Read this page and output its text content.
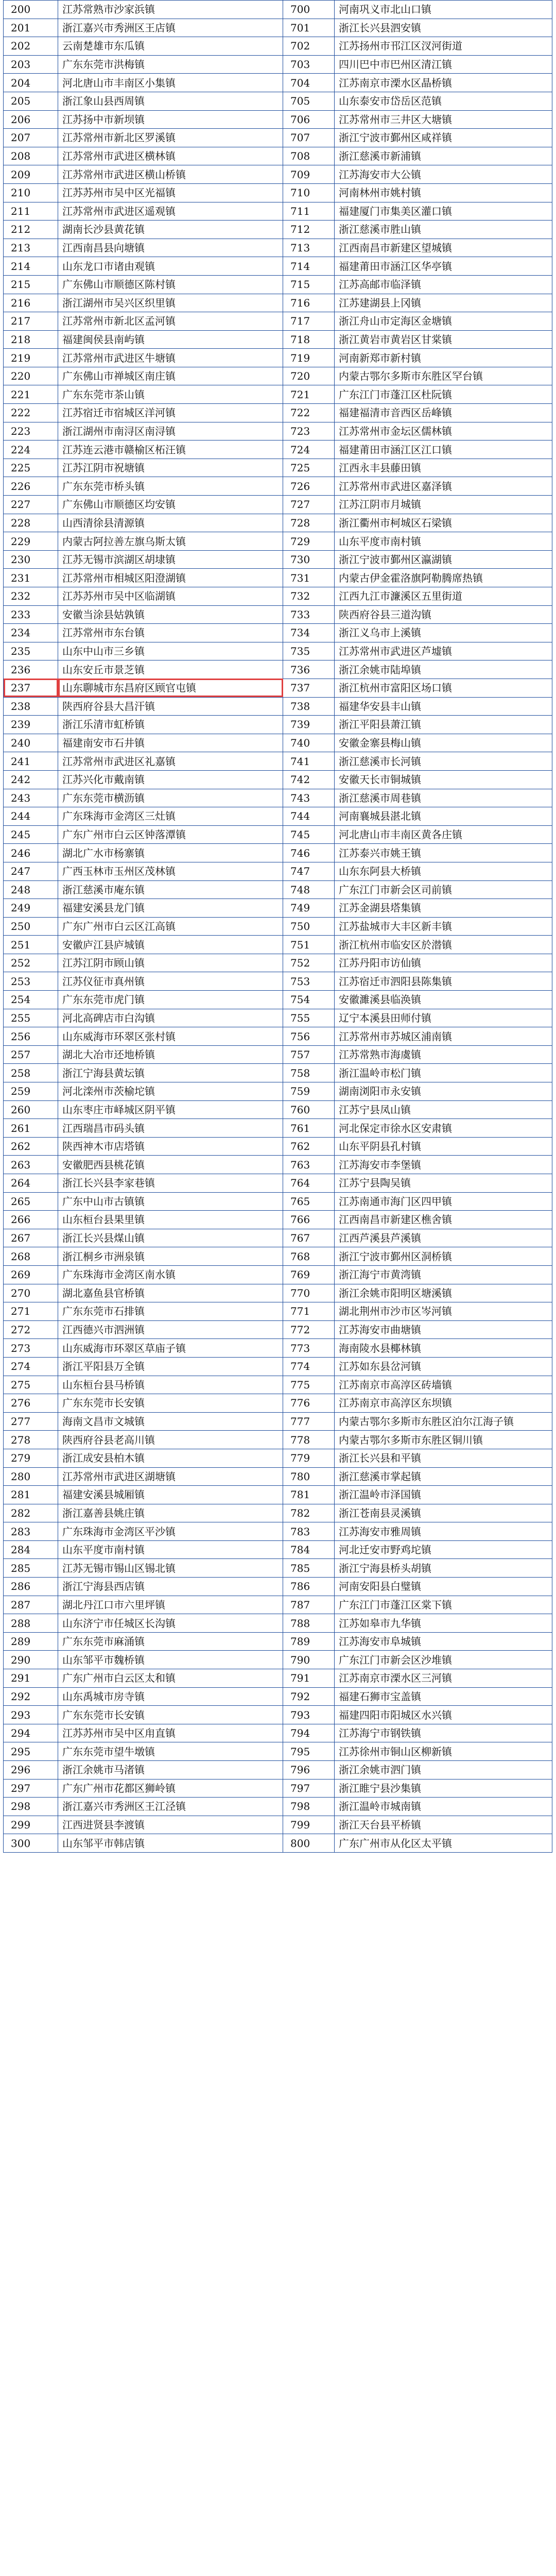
200	江苏常熟市沙家浜镇	700	河南巩义市北山口镇
201	浙江嘉兴市秀洲区王店镇	701	浙江长兴县泗安镇
202	云南楚雄市东瓜镇	702	江苏扬州市邗江区汊河街道
203	广东东莞市洪梅镇	703	四川巴中市巴州区清江镇
204	河北唐山市丰南区小集镇	704	江苏南京市溧水区晶桥镇
205	浙江象山县西周镇	705	山东泰安市岱岳区范镇
206	江苏扬中市新坝镇	706	江苏常州市三井区大塘镇
207	江苏常州市新北区罗溪镇	707	浙江宁波市鄞州区咸祥镇
208	江苏常州市武进区横林镇	708	浙江慈溪市新浦镇
209	江苏常州市武进区横山桥镇	709	江苏海安市大公镇
210	江苏苏州市吴中区光福镇	710	河南林州市姚村镇
211	江苏常州市武进区遥观镇	711	福建厦门市集美区灌口镇
212	湖南长沙县黄花镇	712	浙江慈溪市胜山镇
213	江西南昌县向塘镇	713	江西南昌市新建区望城镇
214	山东龙口市诸由观镇	714	福建莆田市涵江区华亭镇
215	广东佛山市顺德区陈村镇	715	江苏高邮市临泽镇
216	浙江湖州市吴兴区织里镇	716	江苏建湖县上冈镇
217	江苏常州市新北区孟河镇	717	浙江舟山市定海区金塘镇
218	福建闽侯县南屿镇	718	浙江黄岩市黄岩区甘棠镇
219	江苏常州市武进区牛塘镇	719	河南新郑市新村镇
220	广东佛山市禅城区南庄镇	720	内蒙古鄂尔多斯市东胜区罕台镇
221	广东东莞市茶山镇	721	广东江门市蓬江区杜阮镇
222	江苏宿迁市宿城区洋河镇	722	福建福清市音西区岳峰镇
223	浙江湖州市南浔区南浔镇	723	江苏常州市金坛区儒林镇
224	江苏连云港市赣榆区柘汪镇	724	福建莆田市涵江区江口镇
225	江苏江阴市祝塘镇	725	江西永丰县藤田镇
226	广东东莞市桥头镇	726	江苏常州市武进区嘉泽镇
227	广东佛山市顺德区均安镇	727	江苏江阴市月城镇
228	山西清徐县清源镇	728	浙江衢州市柯城区石梁镇
229	内蒙古阿拉善左旗乌斯太镇	729	山东平度市南村镇
230	江苏无锡市滨湖区胡埭镇	730	浙江宁波市鄞州区瀛湖镇
231	江苏常州市相城区阳澄湖镇	731	内蒙古伊金霍洛旗阿勒腾席热镇
232	江苏苏州市吴中区临湖镇	732	江西九江市濂溪区五里街道
233	安徽当涂县姑孰镇	733	陕西府谷县三道沟镇
234	江苏常州市东台镇	734	浙江义乌市上溪镇
235	山东中山市三乡镇	735	江苏常州市武进区芦墟镇
236	山东安丘市景芝镇	736	浙江余姚市陆埠镇
237	山东聊城市东昌府区顾官屯镇	737	浙江杭州市富阳区场口镇
238	陕西府谷县大昌汗镇	738	福建华安县丰山镇
239	浙江乐清市虹桥镇	739	浙江平阳县萧江镇
240	福建南安市石井镇	740	安徽金寨县梅山镇
241	江苏常州市武进区礼嘉镇	741	浙江慈溪市长河镇
242	江苏兴化市戴南镇	742	安徽天长市铜城镇
243	广东东莞市横沥镇	743	浙江慈溪市周巷镇
244	广东珠海市金湾区三灶镇	744	河南襄城县湛北镇
245	广东广州市白云区钟落潭镇	745	河北唐山市丰南区黄各庄镇
246	湖北广水市杨寨镇	746	江苏泰兴市姚王镇
247	广西玉林市玉州区茂林镇	747	山东东阿县大桥镇
248	浙江慈溪市庵东镇	748	广东江门市新会区司前镇
249	福建安溪县龙门镇	749	江苏金湖县塔集镇
250	广东广州市白云区江高镇	750	江苏盐城市大丰区新丰镇
251	安徽庐江县庐城镇	751	浙江杭州市临安区於潜镇
252	江苏江阴市顾山镇	752	江苏丹阳市访仙镇
253	江苏仪征市真州镇	753	江苏宿迁市泗阳县陈集镇
254	广东东莞市虎门镇	754	安徽濉溪县临涣镇
255	河北高碑店市白沟镇	755	辽宁本溪县田师付镇
256	山东威海市环翠区张村镇	756	江苏常州市苏城区浦南镇
257	湖北大冶市还地桥镇	757	江苏常熟市海虞镇
258	浙江宁海县黄坛镇	758	浙江温岭市松门镇
259	河北滦州市茨榆坨镇	759	湖南浏阳市永安镇
260	山东枣庄市峄城区阴平镇	760	江苏宁县凤山镇
261	江西瑞昌市码头镇	761	河北保定市徐水区安肃镇
262	陕西神木市店塔镇	762	山东平阴县孔村镇
263	安徽肥西县桃花镇	763	江苏海安市李堡镇
264	浙江长兴县李家巷镇	764	江苏宁县陶吴镇
265	广东中山市古镇镇	765	江苏南通市海门区四甲镇
266	山东桓台县果里镇	766	江西南昌市新建区樵舍镇
267	浙江长兴县煤山镇	767	江西芦溪县芦溪镇
268	浙江桐乡市洲泉镇	768	浙江宁波市鄞州区洞桥镇
269	广东珠海市金湾区南水镇	769	浙江海宁市黄湾镇
270	湖北嘉鱼县官桥镇	770	浙江余姚市阳明区塘溪镇
271	广东东莞市石排镇	771	湖北荆州市沙市区岑河镇
272	江西德兴市泗洲镇	772	江苏海安市曲塘镇
273	山东威海市环翠区草庙子镇	773	海南陵水县椰林镇
274	浙江平阳县万全镇	774	江苏如东县岔河镇
275	山东桓台县马桥镇	775	江苏南京市高淳区砖墙镇
276	广东东莞市长安镇	776	江苏南京市高淳区东坝镇
277	海南文昌市文城镇	777	内蒙古鄂尔多斯市东胜区泊尔江海子镇
278	陕西府谷县老高川镇	778	内蒙古鄂尔多斯市东胜区铜川镇
279	浙江成安县柏木镇	779	浙江长兴县和平镇
280	江苏常州市武进区湖塘镇	780	浙江慈溪市掌起镇
281	福建安溪县城厢镇	781	浙江温岭市泽国镇
282	浙江嘉善县姚庄镇	782	浙江苍南县灵溪镇
283	广东珠海市金湾区平沙镇	783	江苏海安市雅周镇
284	山东平度市南村镇	784	河北迁安市野鸡坨镇
285	江苏无锡市锡山区锡北镇	785	浙江宁海县桥头胡镇
286	浙江宁海县西店镇	786	河南安阳县白璧镇
287	湖北丹江口市六里坪镇	787	广东江门市蓬江区棠下镇
288	山东济宁市任城区长沟镇	788	江苏如皋市九华镇
289	广东东莞市麻涌镇	789	江苏海安市阜城镇
290	山东邹平市魏桥镇	790	广东江门市新会区沙堆镇
291	广东广州市白云区太和镇	791	江苏南京市溧水区三河镇
292	山东禹城市房寺镇	792	福建石狮市宝盖镇
293	广东东莞市长安镇	793	福建四阳市阳城区水兴镇
294	江苏苏州市吴中区甪直镇	794	江苏海宁市钢铁镇
295	广东东莞市望牛墩镇	795	江苏徐州市铜山区柳新镇
296	浙江余姚市马渚镇	796	浙江余姚市泗门镇
297	广东广州市花都区狮岭镇	797	浙江睢宁县沙集镇
298	浙江嘉兴市秀洲区王江泾镇	798	浙江温岭市城南镇
299	江西进贤县李渡镇	799	浙江天台县平桥镇
300	山东邹平市韩店镇	800	广东广州市从化区太平镇
